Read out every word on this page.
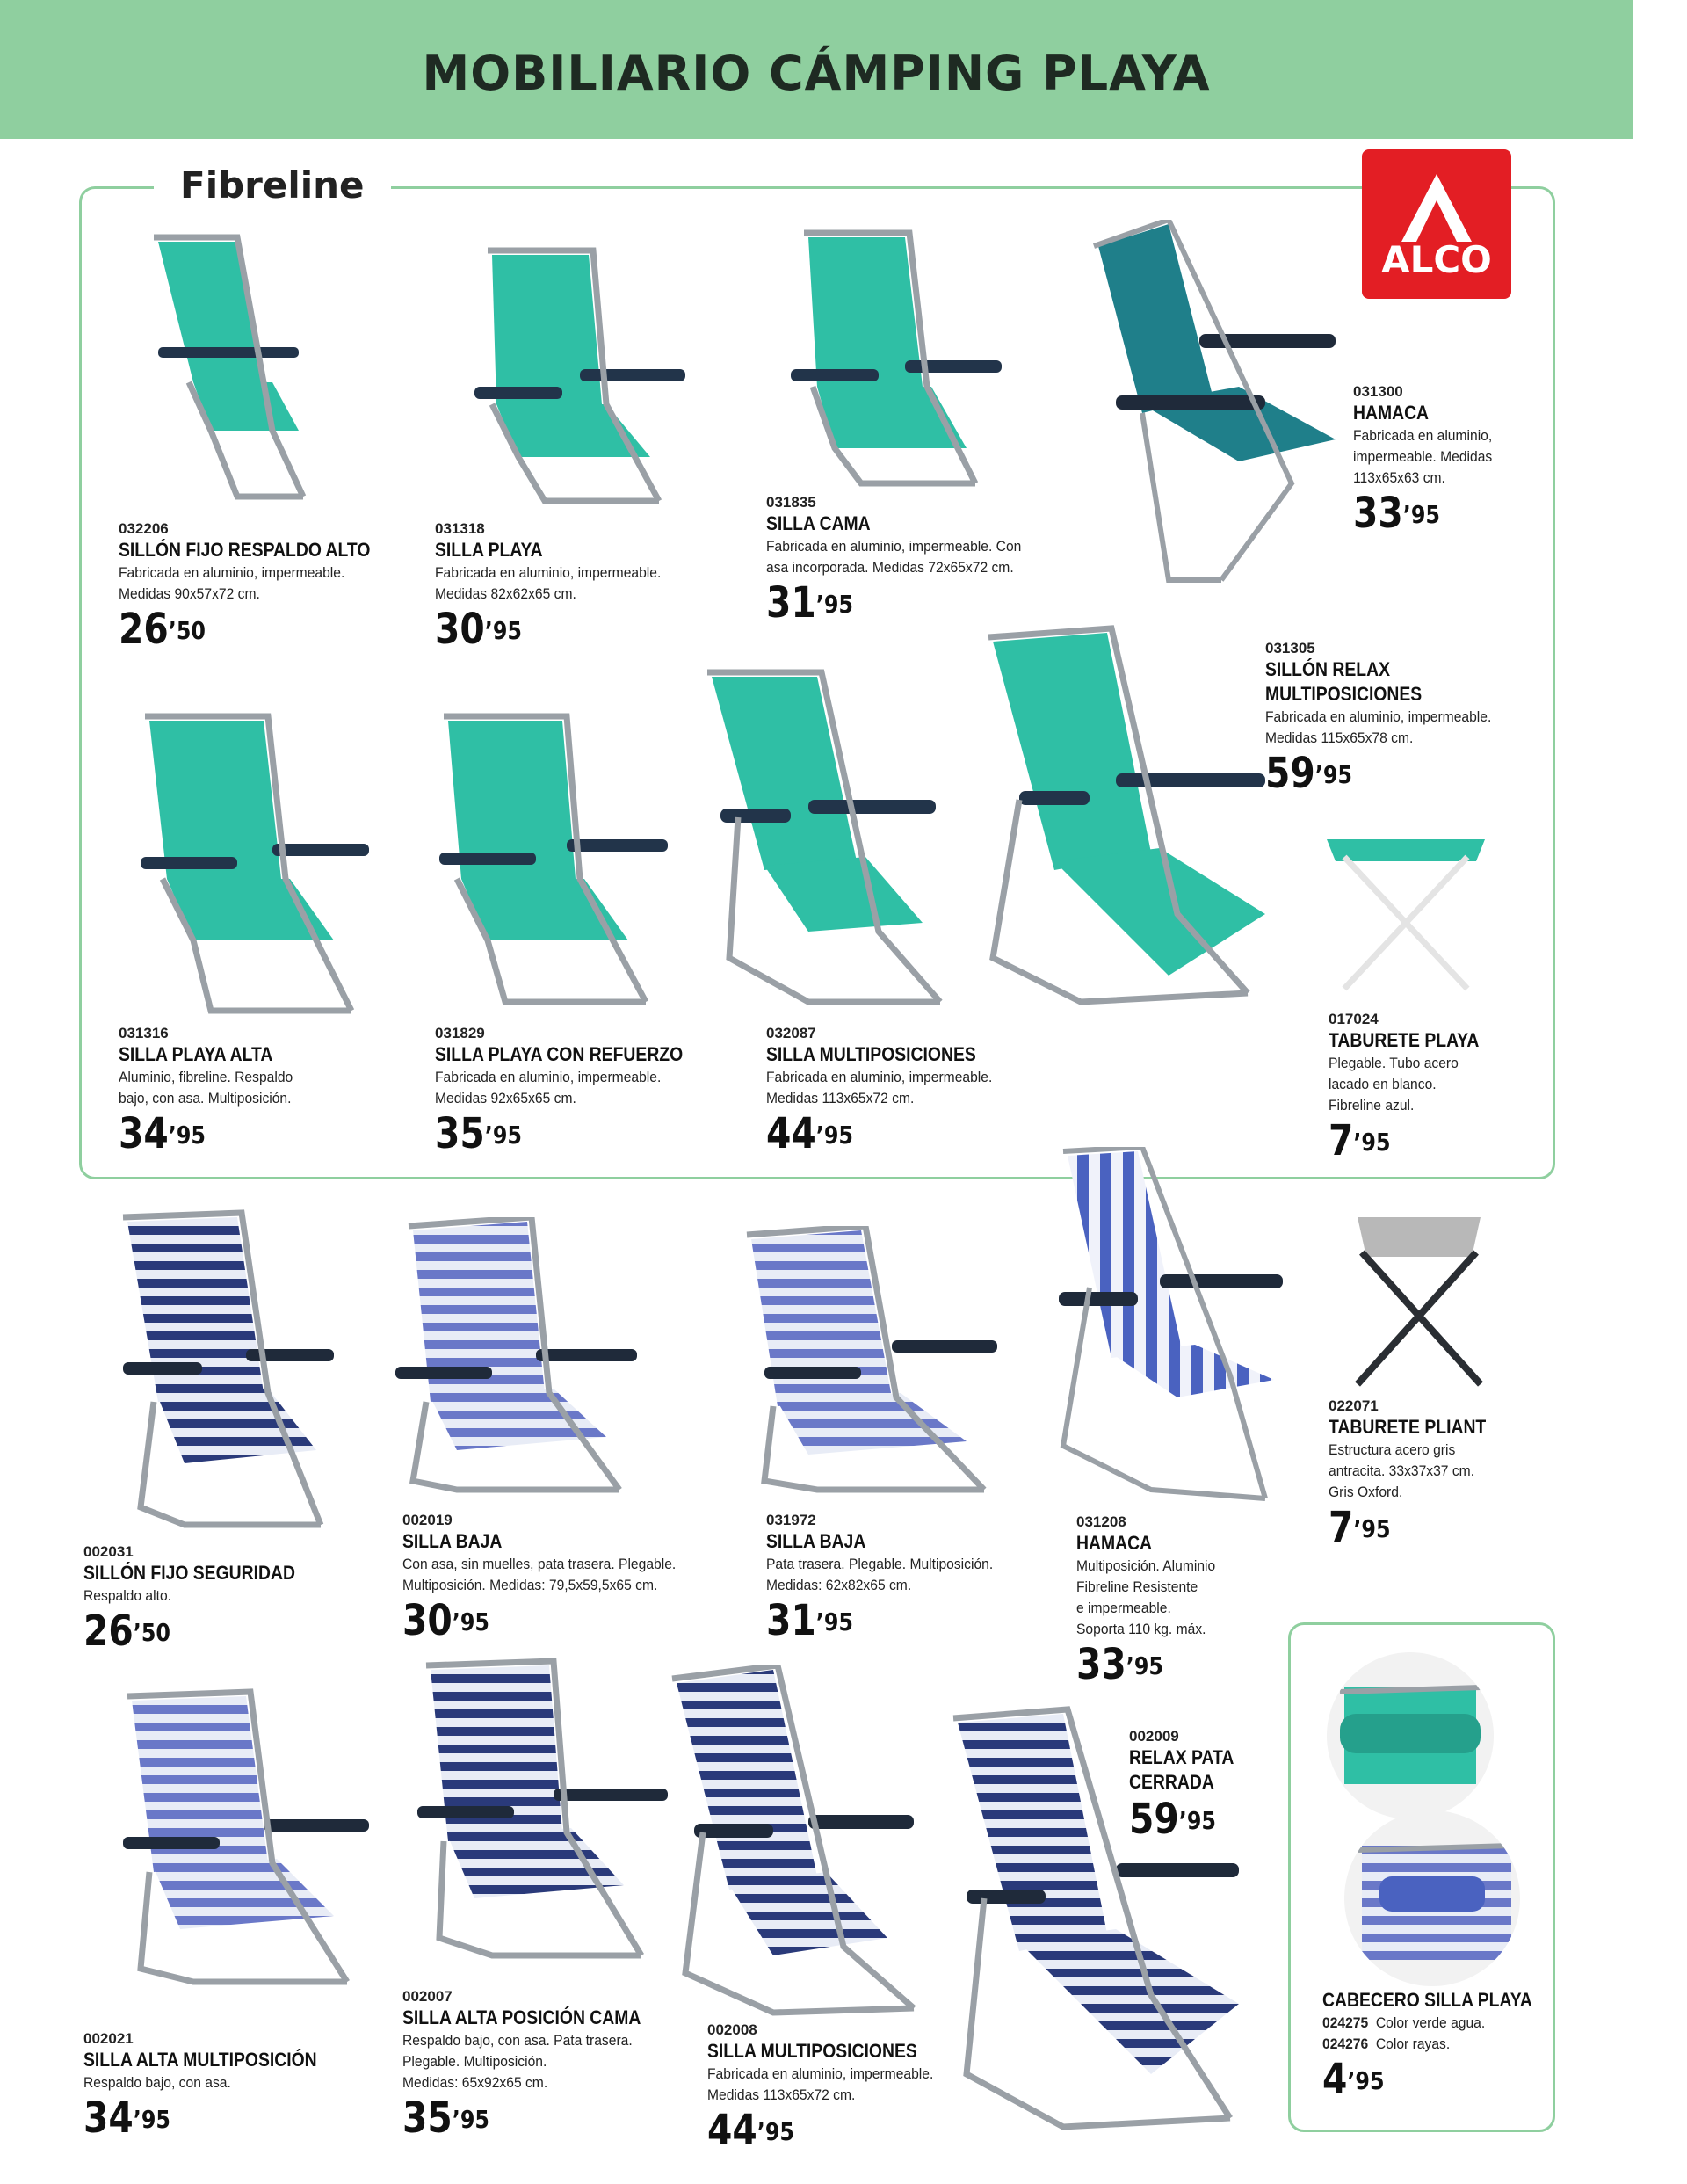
MOBILIARIO CÁMPING PLAYA
Fibreline
ALCO
032206
SILLÓN FIJO RESPALDO ALTO
Fabricada en aluminio, impermeable.
Medidas 90x57x72 cm.
$26^{’50}$
031318
SILLA PLAYA
Fabricada en aluminio, impermeable.
Medidas 82x62x65 cm.
$30^{’95}$
031835
SILLA CAMA
Fabricada en aluminio, impermeable. Con
asa incorporada. Medidas 72x65x72 cm.
$31^{’95}$
031300
HAMACA
Fabricada en aluminio,
impermeable. Medidas
113x65x63 cm.
$33^{’95}$
031305
SILLÓN RELAX
MULTIPOSICIONES
Fabricada en aluminio, impermeable.
Medidas 115x65x78 cm.
$59^{’95}$
031316
SILLA PLAYA ALTA
Aluminio, fibreline. Respaldo
bajo, con asa. Multiposición.
$34^{’95}$
031829
SILLA PLAYA CON REFUERZO
Fabricada en aluminio, impermeable.
Medidas 92x65x65 cm.
$35^{’95}$
032087
SILLA MULTIPOSICIONES
Fabricada en aluminio, impermeable.
Medidas 113x65x72 cm.
$44^{’95}$
017024
TABURETE PLAYA
Plegable. Tubo acero
lacado en blanco.
Fibreline azul.
$7^{’95}$
002031
SILLÓN FIJO SEGURIDAD
Respaldo alto.
$26^{’50}$
002019
SILLA BAJA
Con asa, sin muelles, pata trasera. Plegable.
Multiposición. Medidas: 79,5x59,5x65 cm.
$30^{’95}$
031972
SILLA BAJA
Pata trasera. Plegable. Multiposición.
Medidas: 62x82x65 cm.
$31^{’95}$
031208
HAMACA
Multiposición. Aluminio
Fibreline Resistente
e impermeable.
Soporta 110 kg. máx.
$33^{’95}$
022071
TABURETE PLIANT
Estructura acero gris
antracita. 33x37x37 cm.
Gris Oxford.
$7^{’95}$
002009
RELAX PATA
CERRADA
$59^{’95}$
002021
SILLA ALTA MULTIPOSICIÓN
Respaldo bajo, con asa.
$34^{’95}$
002007
SILLA ALTA POSICIÓN CAMA
Respaldo bajo, con asa. Pata trasera.
Plegable. Multiposición.
Medidas: 65x92x65 cm.
$35^{’95}$
002008
SILLA MULTIPOSICIONES
Fabricada en aluminio, impermeable.
Medidas 113x65x72 cm.
$44^{’95}$
CABECERO SILLA PLAYA
024275 Color verde agua.
024276 Color rayas.
$4^{’95}$
